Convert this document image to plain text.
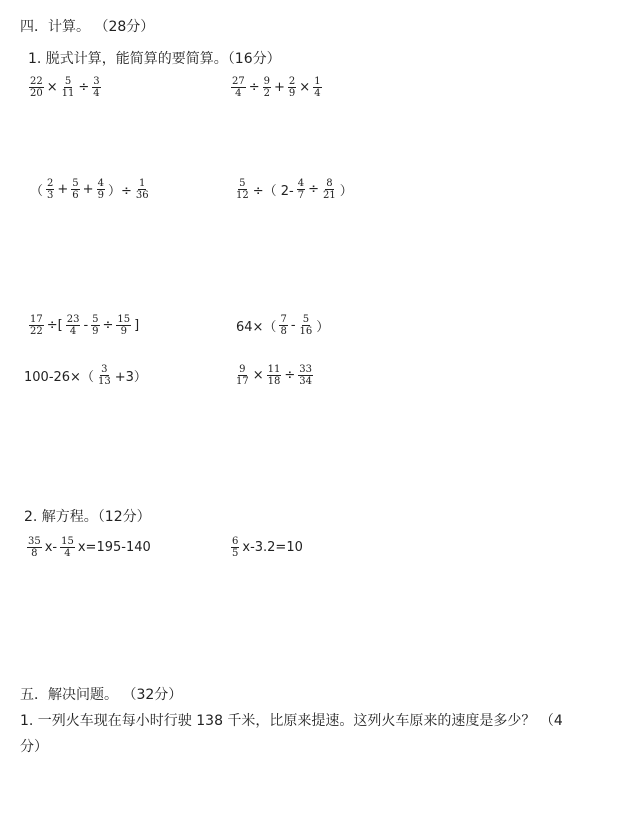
四．计算。 （28分）
1. 脱式计算，能简算的要简算。（16分）
$\frac{22}{20} \times \frac{5}{11} \div \frac{3}{4}$	$\frac{27}{4} \div \frac{9}{2} + \frac{2}{9} \times \frac{1}{4}$
（ $\frac{2}{3} + \frac{5}{6} + \frac{4}{9}$ ）÷ $\frac{1}{36}$	$\frac{5}{12}$ ÷（ $2- \frac{4}{7} \div \frac{8}{21}$ ）
$\frac{17}{22}$ ÷[ $\frac{23}{4} - \frac{5}{9} \div \frac{15}{9}$ ]	$64\times( \frac{7}{8} - \frac{5}{16}$ ）
$100-26\times( \frac{3}{13} +3)$	$\frac{9}{17} \times \frac{11}{18} \div \frac{33}{34}$
2. 解方程。（12分）
$\frac{35}{8} x- \frac{15}{4} x=195-140$	$\frac{6}{5} x-3.2=10$
五．解决问题。 （32分）
1. 一列火车现在每小时行驶 138 千米，比原来提速。这列火车原来的速度是多少？ （4
分）
